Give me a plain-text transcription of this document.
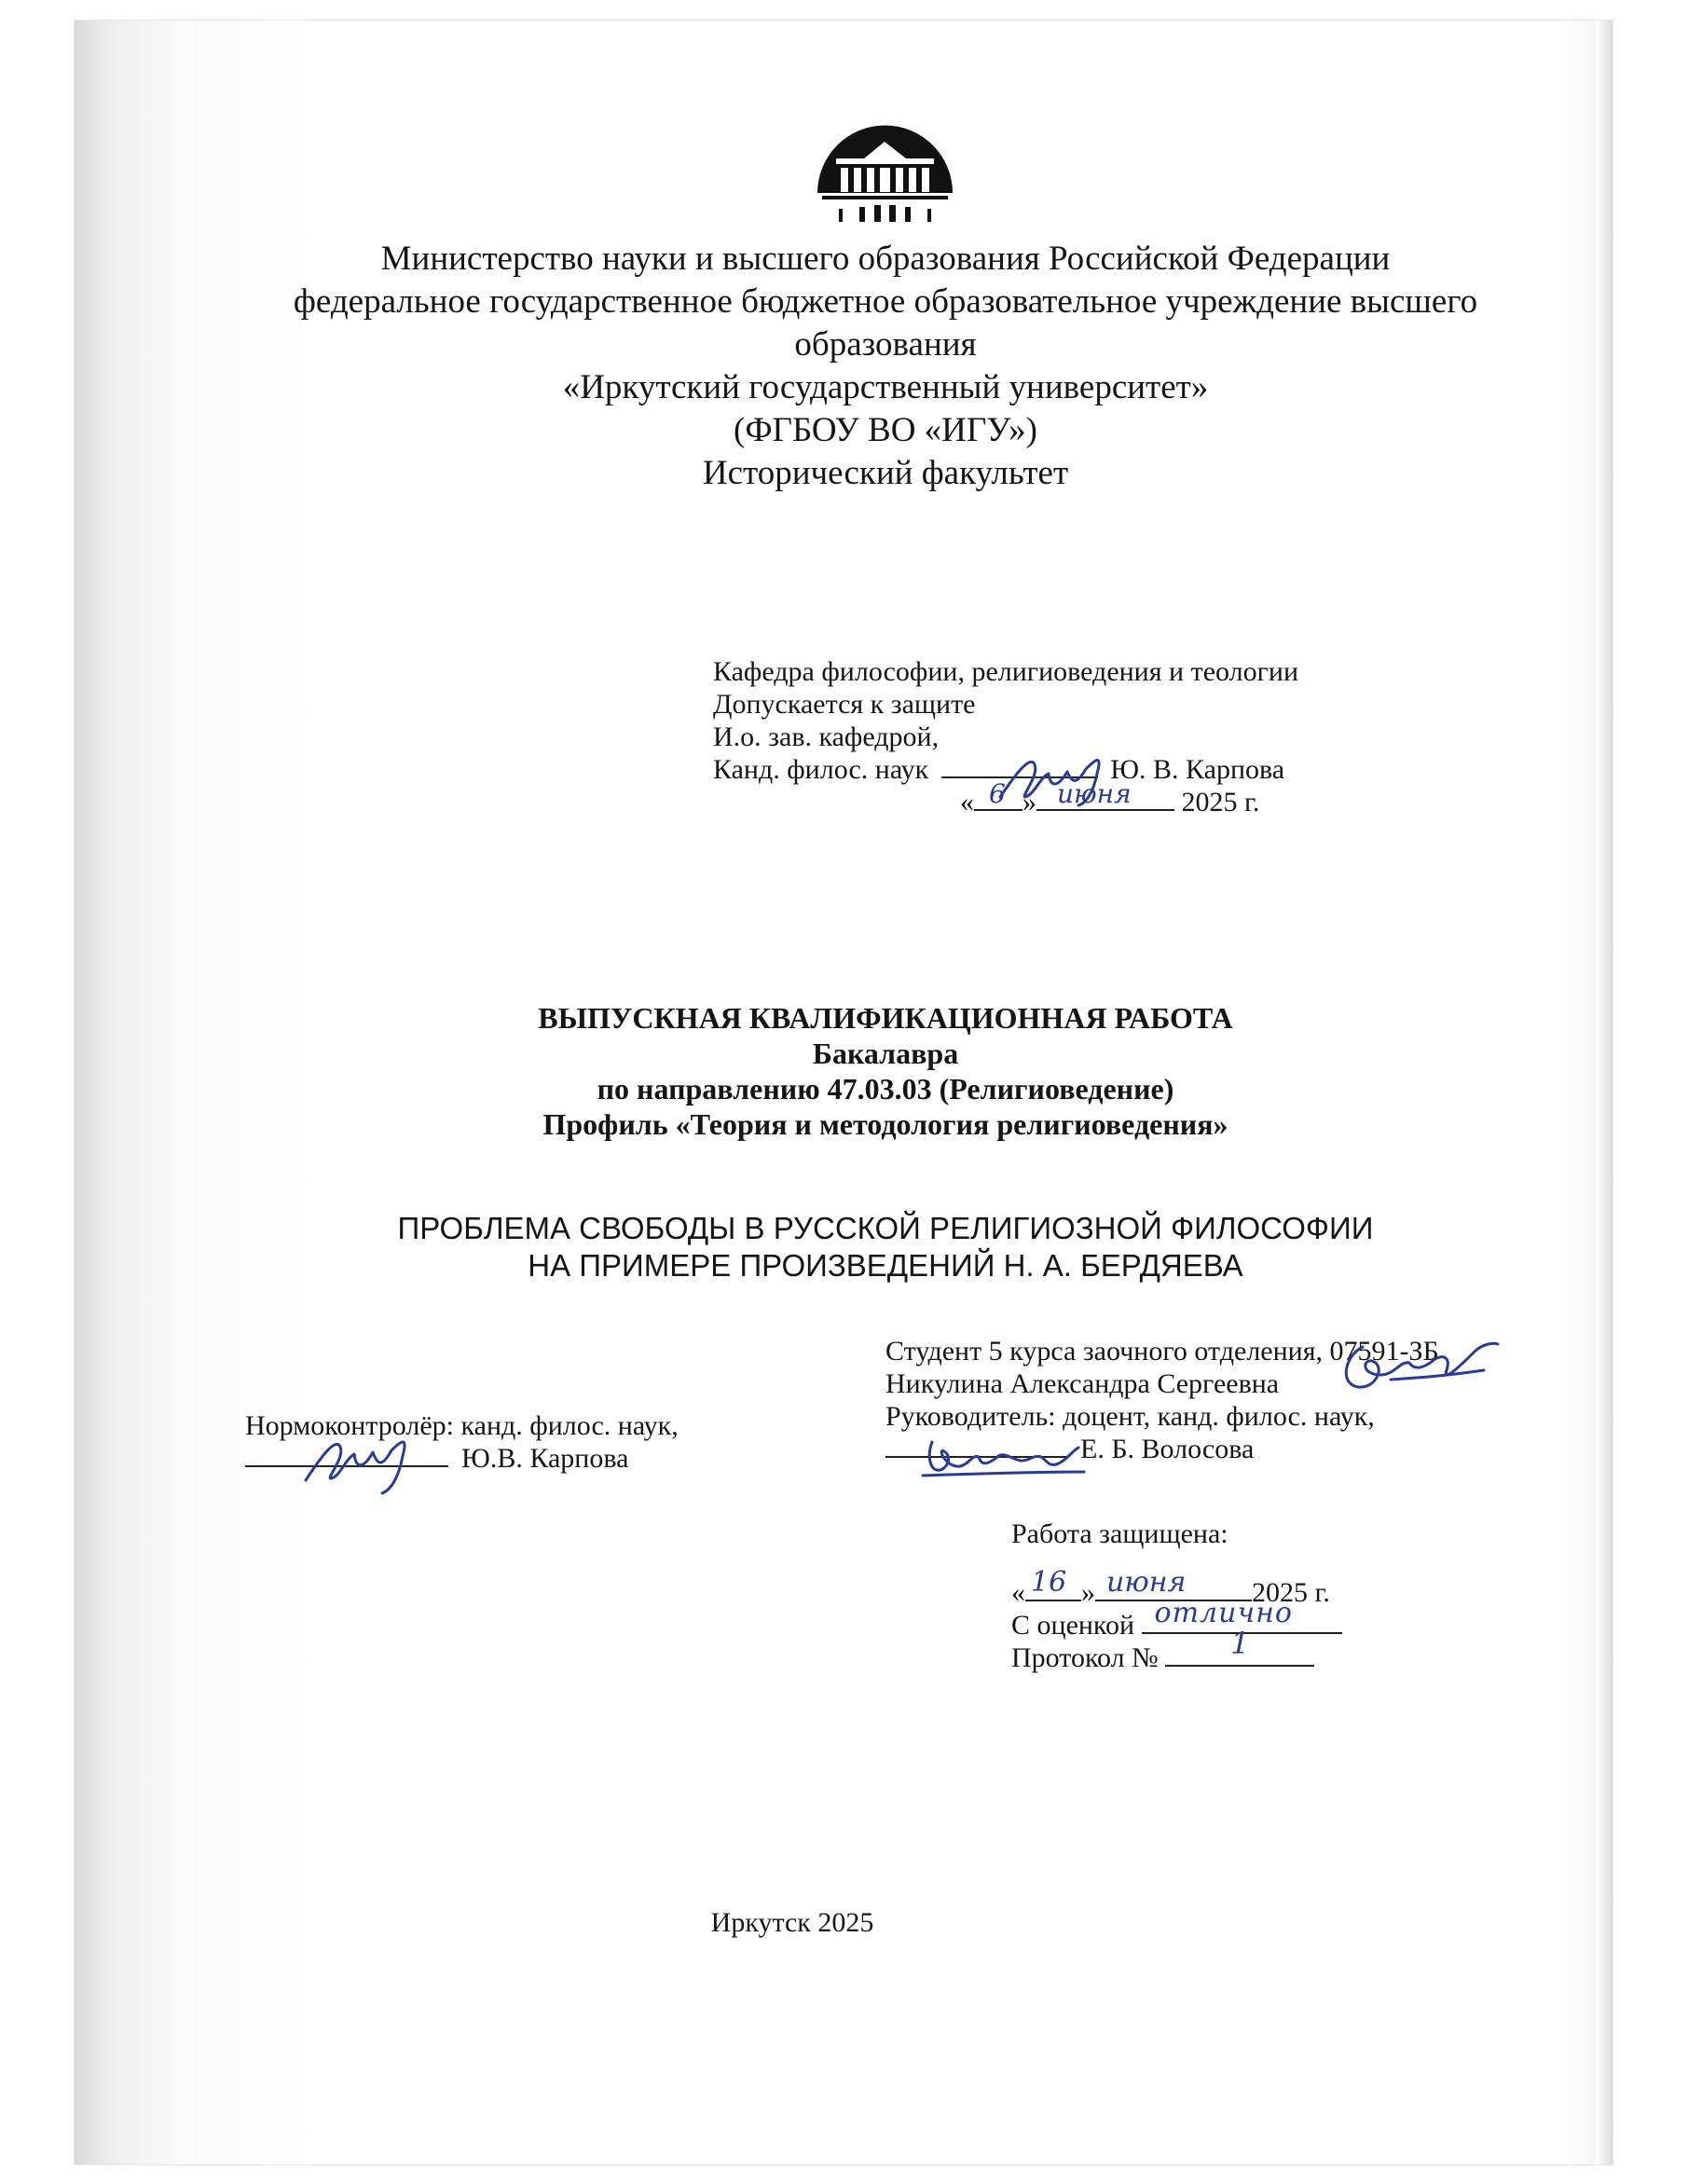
Министерство науки и высшего образования Российской Федерации
федеральное государственное бюджетное образовательное учреждение высшего
образования
«Иркутский государственный университет»
(ФГБОУ ВО «ИГУ»)
Исторический факультет
Кафедра философии, религиоведения и теологии
Допускается к защите
И.о. зав. кафедрой,
Канд. филос. наук	Ю. В. Карпова
« 6 » июня 2025 г.
ВЫПУСКНАЯ КВАЛИФИКАЦИОННАЯ РАБОТА
Бакалавра
по направлению 47.03.03 (Религиоведение)
Профиль «Теория и методология религиоведения»
ПРОБЛЕМА СВОБОДЫ В РУССКОЙ РЕЛИГИОЗНОЙ ФИЛОСОФИИ
НА ПРИМЕРЕ ПРОИЗВЕДЕНИЙ Н. А. БЕРДЯЕВА
Студент 5 курса заочного отделения, 07591-ЗБ
Никулина Александра Сергеевна
Руководитель: доцент, канд. филос. наук,
Е. Б. Волосова
Нормоконтролёр: канд. филос. наук,
Ю.В. Карпова
Работа защищена:
« 16 » июня 2025 г.
С оценкой отлично
Протокол № 1
Иркутск 2025
